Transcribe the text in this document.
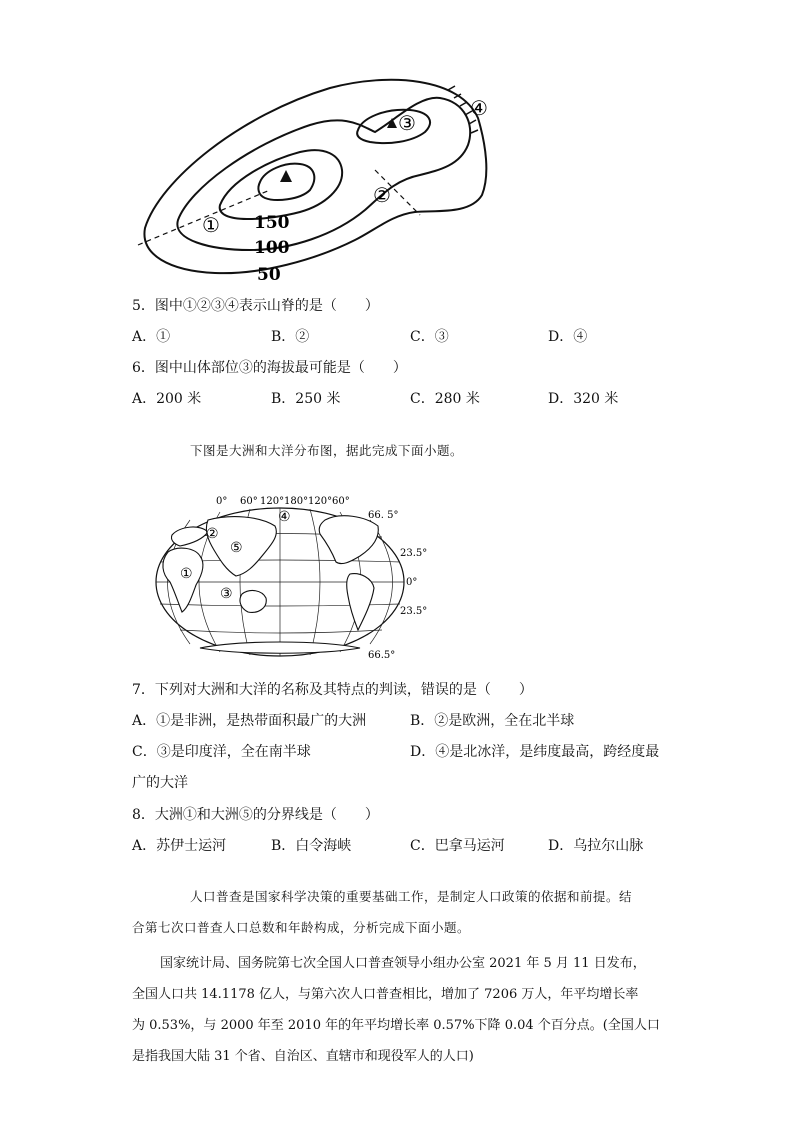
①
②
③
④
150
100
50
5．图中①②③④表示山脊的是（　　）
A．①	B．②	C．③	D．④
6．图中山体部位③的海拔最可能是（　　）
A．200 米	B．250 米	C．280 米	D．320 米
下图是大洲和大洋分布图，据此完成下面小题。
0° 60° 120° 180° 120° 60°
66. 5°
23.5°
0°
23.5°
66.5°
①
②
③
④
⑤
7．下列对大洲和大洋的名称及其特点的判读，错误的是（　　）
A．①是非洲，是热带面积最广的大洲	B．②是欧洲，全在北半球
C．③是印度洋，全在南半球	D．④是北冰洋，是纬度最高，跨经度最
广的大洋
8．大洲①和大洲⑤的分界线是（　　）
A．苏伊士运河	B．白令海峡	C．巴拿马运河	D．乌拉尔山脉
人口普查是国家科学决策的重要基础工作，是制定人口政策的依据和前提。结
合第七次口普查人口总数和年龄构成，分析完成下面小题。
国家统计局、国务院第七次全国人口普查领导小组办公室 2021 年 5 月 11 日发布，
全国人口共 14.1178 亿人，与第六次人口普查相比，增加了 7206 万人，年平均增长率
为 0.53%，与 2000 年至 2010 年的年平均增长率 0.57%下降 0.04 个百分点。(全国人口
是指我国大陆 31 个省、自治区、直辖市和现役军人的人口)
